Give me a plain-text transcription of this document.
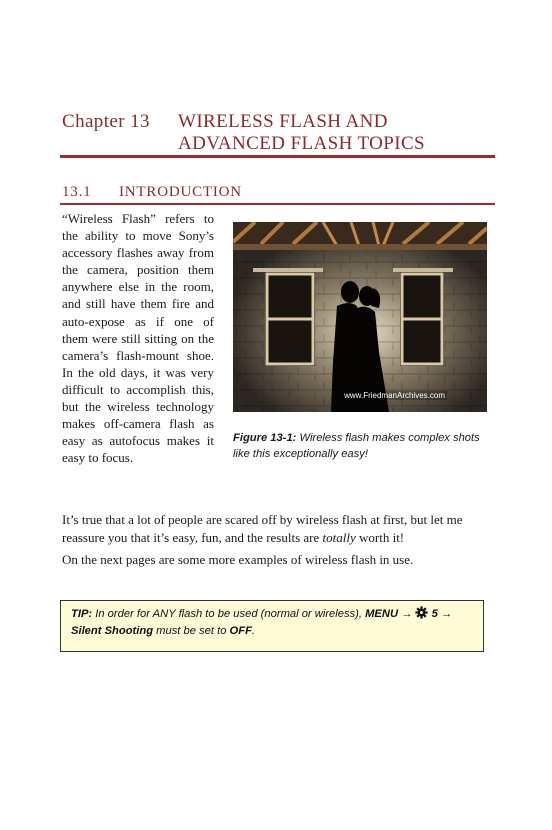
Chapter 13 WIRELESS FLASH AND
ADVANCED FLASH TOPICS
13.1 INTRODUCTION

“Wireless Flash” refers to the ability to move Sony’s accessory flashes away from the camera, position them anywhere else in the room, and still have them fire and auto-expose as if one of them were still sitting on the camera’s flash-mount shoe. In the old days, it was very difficult to accomplish this, but the wireless technology makes off-camera flash as easy as autofocus makes it easy to focus.

www.FriedmanArchives.com

Figure 13-1: Wireless flash makes complex shots like this exceptionally easy!

It’s true that a lot of people are scared off by wireless flash at first, but let me reassure you that it’s easy, fun, and the results are totally worth it!

On the next pages are some more examples of wireless flash in use.

TIP: In order for ANY flash to be used (normal or wireless), MENU →  5 →
Silent Shooting must be set to OFF.
